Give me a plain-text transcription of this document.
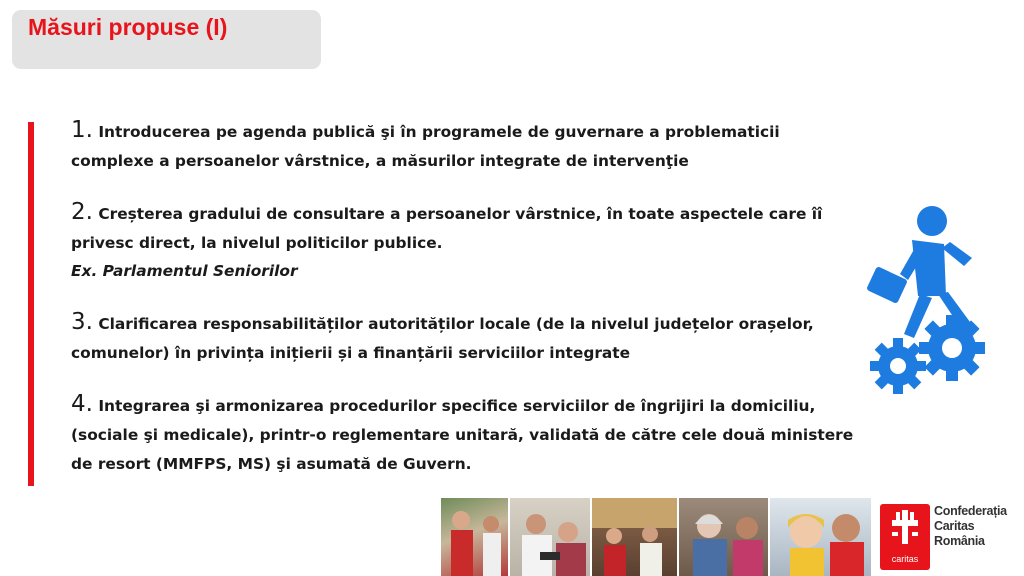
Măsuri propuse (I)

1. Introducerea pe agenda publică şi în programele de guvernare a problematicii complexe a persoanelor vârstnice, a măsurilor integrate de intervenţie

2. Creșterea gradului de consultare a persoanelor vârstnice, în toate aspectele care îî privesc direct, la nivelul politicilor publice.
Ex. Parlamentul Seniorilor

3. Clarificarea responsabilităților autorităților locale (de la nivelul județelor orașelor, comunelor) în privința inițierii și a finanțării serviciilor integrate

4. Integrarea şi armonizarea procedurilor specifice serviciilor de îngrijiri la domiciliu, (sociale şi medicale), printr-o reglementare unitară, validată de către cele două ministere de resort (MMFPS, MS) şi asumată de Guvern.

caritas
Confederația
Caritas
România
